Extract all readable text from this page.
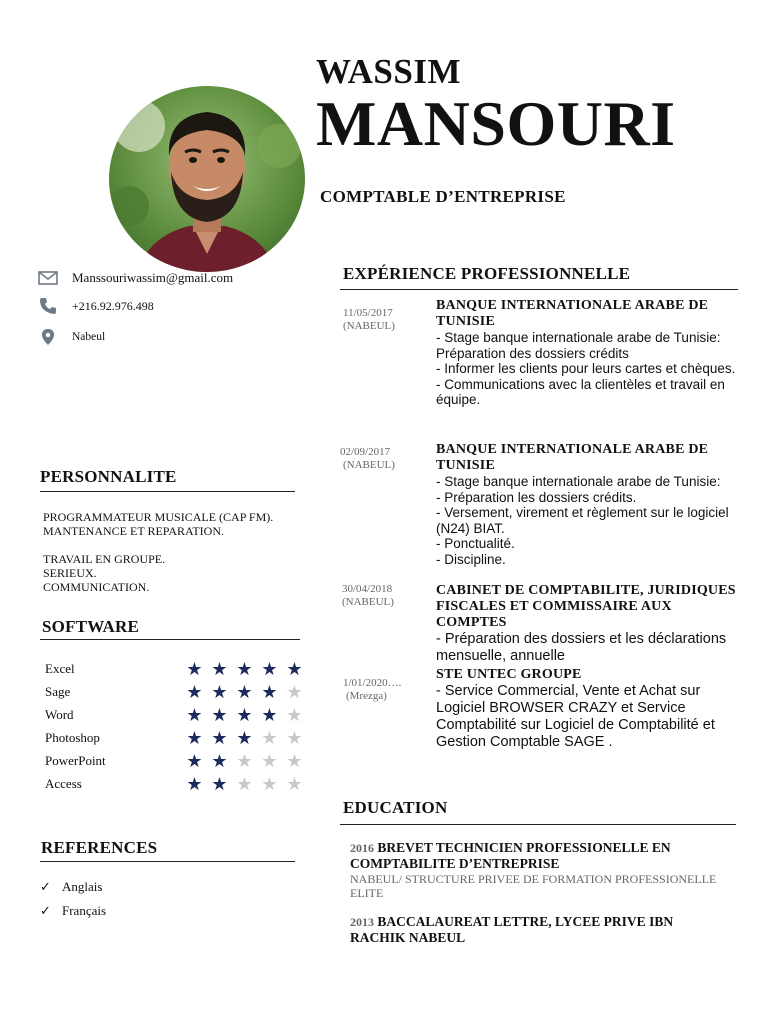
WASSIM
MANSOURI
COMPTABLE D’ENTREPRISE
Manssouriwassim@gmail.com
+216.92.976.498
Nabeul
PERSONNALITE
PROGRAMMATEUR MUSICALE (CAP FM).
MANTENANCE ET REPARATION.
TRAVAIL EN GROUPE.
SERIEUX.
COMMUNICATION.
SOFTWARE
Excel	★ ★ ★ ★ ★
Sage	★ ★ ★ ★ ★
Word	★ ★ ★ ★ ★
Photoshop	★ ★ ★ ★ ★
PowerPoint	★ ★ ★ ★ ★
Access	★ ★ ★ ★ ★
REFERENCES
✓ Anglais
✓ Français
EXPÉRIENCE PROFESSIONNELLE
11/05/2017
(NABEUL)
BANQUE INTERNATIONALE ARABE DE TUNISIE
- Stage banque internationale arabe de Tunisie:
Préparation des dossiers crédits
- Informer les clients pour leurs cartes et chèques.
- Communications avec la clientèles et travail en équipe.
02/09/2017
(NABEUL)
BANQUE INTERNATIONALE ARABE DE TUNISIE
- Stage banque internationale arabe de Tunisie:
- Préparation les dossiers crédits.
- Versement, virement et règlement sur le logiciel (N24) BIAT.
- Ponctualité.
- Discipline.
30/04/2018
(NABEUL)
CABINET DE COMPTABILITE, JURIDIQUES FISCALES ET COMMISSAIRE AUX COMPTES
- Préparation des dossiers et les déclarations mensuelle, annuelle
1/01/2020….
(Mrezga)
STE UNTEC GROUPE
- Service Commercial, Vente et Achat sur Logiciel BROWSER CRAZY et Service Comptabilité sur Logiciel de Comptabilité et Gestion Comptable SAGE .
EDUCATION
2016 BREVET TECHNICIEN PROFESSIONELLE EN COMPTABILITE D’ENTREPRISE
NABEUL/ STRUCTURE PRIVEE DE FORMATION PROFESSIONELLE ELITE
2013 BACCALAUREAT LETTRE, LYCEE PRIVE IBN RACHIK NABEUL
